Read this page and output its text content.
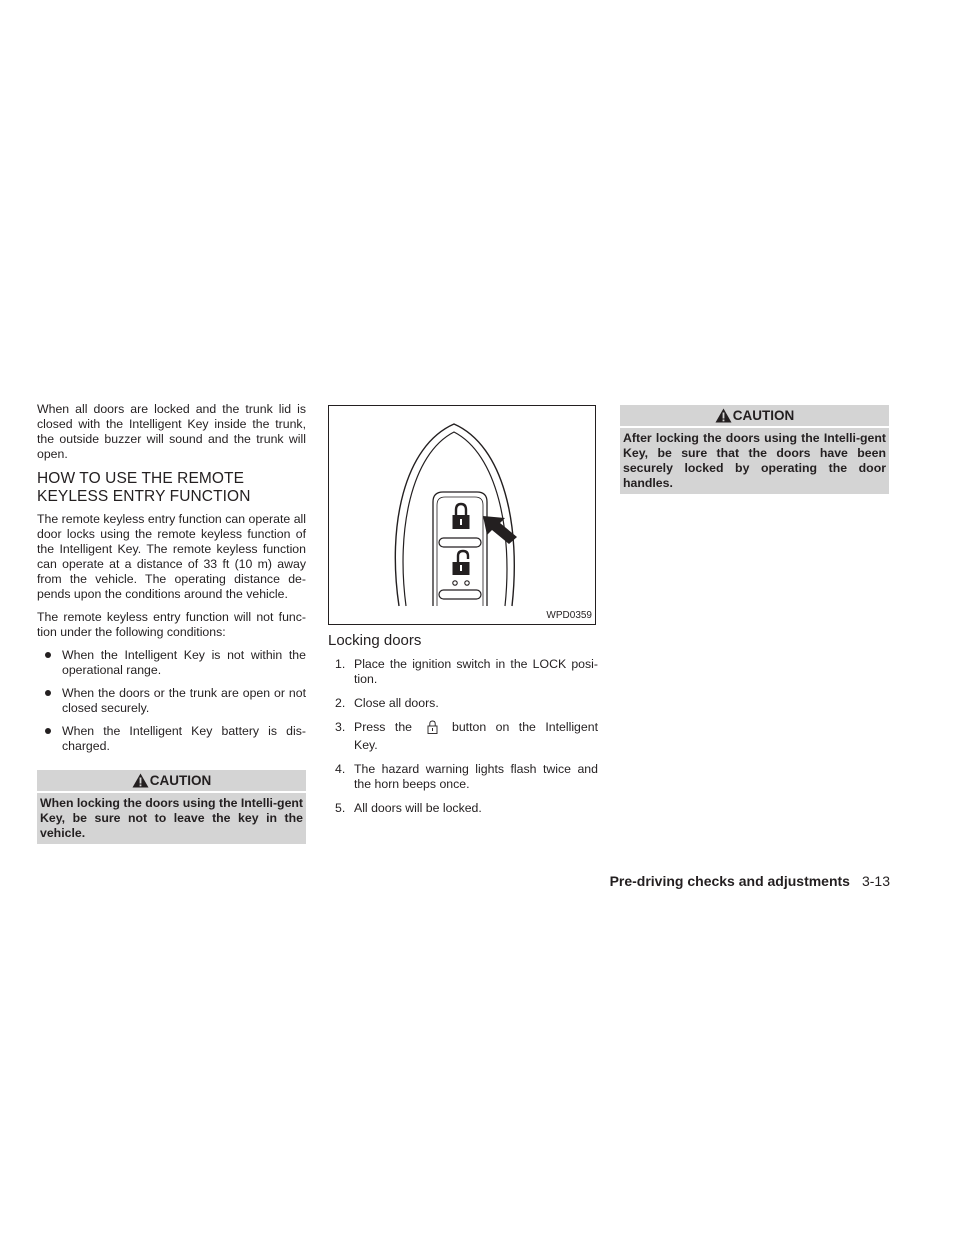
When all doors are locked and the trunk lid is closed with the Intelligent Key inside the trunk, the outside buzzer will sound and the trunk will open.

HOW TO USE THE REMOTE
KEYLESS ENTRY FUNCTION

The remote keyless entry function can operate all door locks using the remote keyless function of the Intelligent Key. The remote keyless function can operate at a distance of 33 ft (10 m) away from the vehicle. The operating distance de-pends upon the conditions around the vehicle.

The remote keyless entry function will not func-tion under the following conditions:

When the Intelligent Key is not within the operational range.
When the doors or the trunk are open or not closed securely.
When the Intelligent Key battery is dis-charged.
CAUTION
When locking the doors using the Intelli-gent Key, be sure not to leave the key in the vehicle.
WPD0359
Locking doors
1. Place the ignition switch in the LOCK posi-tion.
2. Close all doors.
3. Press the	button on the Intelligent Key.
4. The hazard warning lights flash twice and the horn beeps once.
5. All doors will be locked.
CAUTION
After locking the doors using the Intelli-gent Key, be sure that the doors have been securely locked by operating the door handles.
Pre-driving checks and adjustments 3-13
